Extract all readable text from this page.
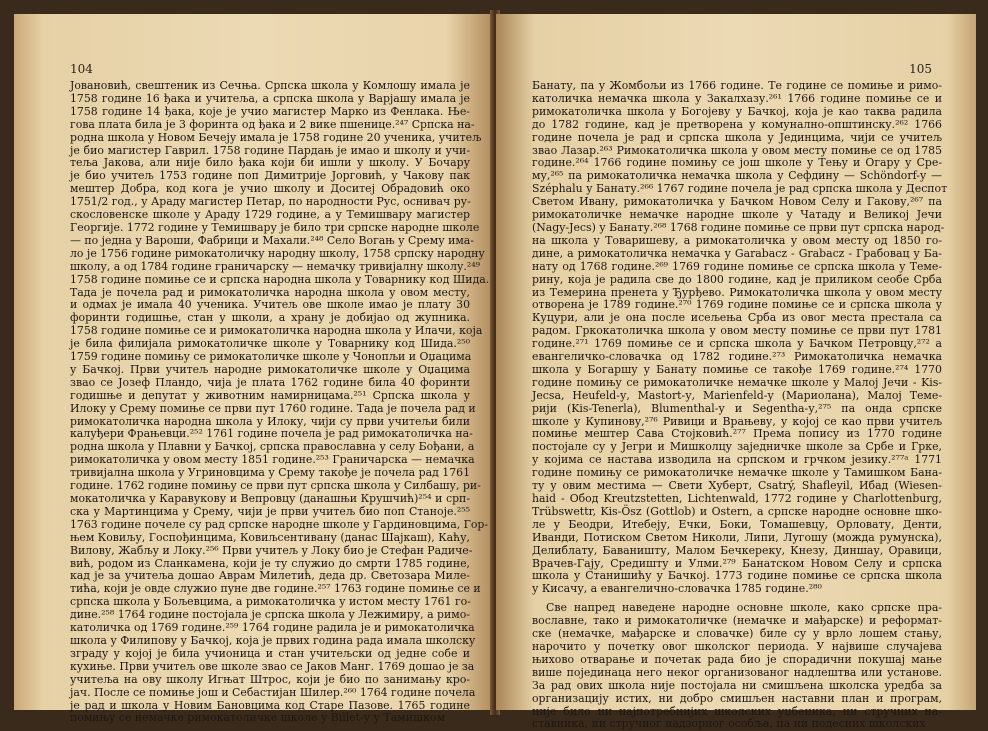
104
Јовановић, свештеник из Сечња. Српска школа у Комлошу имала је
1758 године 16 ђака и учитеља, а српска школа у Варјашу имала је
1758 године 14 ђака, које је учио магистер Марко из Фенлака. Ње-
гова плата била је 3 форинта од ђака и 2 вике пшенице.²⁴⁷ Српска на-
родна школа у Новом Бечеју имала је 1758 године 20 ученика, учитељ
је био магистер Гаврил. 1758 године Пардањ је имао и школу и учи-
теља Јакова, али није било ђака који би ишли у школу. У Бочару
је био учитељ 1753 године поп Димитрије Јорговић, у Чакову пак
мештер Добра, код кога је учио школу и Доситеј Обрадовић око
1751/2 год., у Араду магистер Петар, по народности Рус, оснивач ру-
скословенске школе у Араду 1729 године, а у Темишвару магистер
Георгије. 1772 године у Темишвару је било три српске народне школе
— по једна у Вароши, Фабрици и Махали.²⁴⁸ Село Вогањ у Срему има-
ло је 1756 године римокатоличку народну школу, 1758 српску народну
школу, а од 1784 године граничарску — немачку тривијалну школу.²⁴⁹
1758 године помиње се и српска народна школа у Товарнику код Шида.
Тада је почела рад и римокатоличка народна школа у овом месту,
и одмах је имала 40 ученика. Учитељ ове школе имао је плату 30
форинти годишње, стан у школи, а храну је добијао од жупника.
1758 године помиње се и римокатоличка народна школа у Илачи, која
је била филијала римокатоличке школе у Товарнику код Шида.²⁵⁰
1759 године помињу се римокатоличке школе у Чонопљи и Оџацима
у Бачкој. Први учитељ народне римокатоличке школе у Оџацима
звао се Јозеф Пландо, чија је плата 1762 године била 40 форинти
годишње и депутат у животним намирницама.²⁵¹ Српска школа у
Илоку у Срему помиње се први пут 1760 године. Тада је почела рад и
римокатоличка народна школа у Илоку, чији су први учитељи били
калуђери Фрањевци.²⁵² 1761 године почела је рад римокатоличка на-
родна школа у Плавни у Бачкој, српска православна у селу Бођани, а
римокатоличка у овом месту 1851 године.²⁵³ Граничарска — немачка
тривијална школа у Угриновцима у Срему такође је почела рад 1761
године. 1762 године помињу се први пут српска школа у Силбашу, ри-
мокатоличка у Каравукову и Вепровцу (данашњи Крушчић)²⁵⁴ и срп-
ска у Мартинцима у Срему, чији је први учитељ био поп Станоје.²⁵⁵
1763 године почеле су рад српске народне школе у Гардиновцима, Гор-
њем Ковиљу, Госпођинцима, Ковиљсентивану (данас Шајкаш), Каћу,
Вилову, Жабљу и Локу.²⁵⁶ Први учитељ у Локу био је Стефан Радиче-
вић, родом из Сланкамена, који је ту служио до смрти 1785 године,
кад је за учитеља дошао Аврам Милетић, деда др. Светозара Миле-
тића, који је овде служио пуне две године.²⁵⁷ 1763 године помиње се и
српска школа у Бољевцима, а римокатоличка у истом месту 1761 го-
дине.²⁵⁸ 1764 године постојала је српска школа у Лежимиру, а римо-
католичка од 1769 године.²⁵⁹ 1764 године радила је и римокатоличка
школа у Филипову у Бачкој, која је првих година рада имала школску
зграду у којој је била учионица и стан учитељски од једне собе и
кухиње. Први учитељ ове школе звао се Јаков Манг. 1769 дошао је за
учитеља на ову школу Игњат Штрос, који је био по занимању кро-
јач. После се помиње још и Себастијан Шилер.²⁶⁰ 1764 године почела
је рад и школа у Новим Бановцима код Старе Пазове. 1765 године
помињу се немачке римокатоличке школе у Billet-у у Тамишком
105
Банату, па у Жомбољи из 1766 године. Те године се помиње и римо-
католичка немачка школа у Закалхазу.²⁶¹ 1766 године помиње се и
римокатоличка школа у Богојеву у Бачкој, која је као таква радила
до 1782 године, кад је претворена у комунално-општинску.²⁶² 1766
године почела је рад и српска школа у Јединцима, чији се учитељ
звао Лазар.²⁶³ Римокатоличка школа у овом месту помиње се од 1785
године.²⁶⁴ 1766 године помињу се још школе у Тењу и Огару у Сре-
му,²⁶⁵ па римокатоличка немачка школа у Сефдину — Schöndorf-у —
Széphalu у Банату.²⁶⁶ 1767 године почела је рад српска школа у Деспот
Светом Ивану, римокатоличка у Бачком Новом Селу и Гакову,²⁶⁷ па
римокатоличке немачке народне школе у Чатаду и Великој Јечи
(Nagy-Jecs) у Банату.²⁶⁸ 1768 године помиње се први пут српска народ-
на школа у Товаришеву, а римокатоличка у овом месту од 1850 го-
дине, а римокатоличка немачка у Garabacz - Grabacz - Грабовац у Ба-
нату од 1768 године.²⁶⁹ 1769 године помиње се српска школа у Теме-
рину, која је радила све до 1800 године, кад је приликом сеобе Срба
из Темерина пренета у Ђурђево. Римокатоличка школа у овом месту
отворена је 1789 године.²⁷⁰ 1769 године помиње се и српска школа у
Куцури, али је она после исељења Срба из овог места престала са
радом. Гркокатоличка школа у овом месту помиње се први пут 1781
године.²⁷¹ 1769 помиње се и српска школа у Бачком Петровцу,²⁷² а
евангеличко-словачка од 1782 године.²⁷³ Римокатоличка немачка
школа у Богаршу у Банату помиње се такође 1769 године.²⁷⁴ 1770
године помињу се римокатоличке немачке школе у Малој Јечи - Kis-
Jecsa, Heufeld-у, Mastort-у, Marienfeld-у (Мариолана), Малој Теме-
рији (Kis-Tenerla), Blumenthal-у и Segentha-у,²⁷⁵ па онда српске
школе у Купинову,²⁷⁶ Ривици и Врањеву, у којој се као први учитељ
помиње мештер Сава Стојковић.²⁷⁷ Према попису из 1770 године
постојале су у Јегри и Мишколцу заједничке школе за Србе и Грке,
у којима се настава изводила на српском и грчком језику.²⁷⁷ᵃ 1771
године помињу се римокатоличке немачке школе у Тамишком Бана-
ту у овим местима — Свети Хуберт, Csatrý, Shafleyil, Ибад (Wiesen-
haid - Обод Kreutzstetten, Lichtenwald, 1772 године у Charlottenburg,
Trübswettr, Kis-Ösz (Gottlob) и Ostern, а српске народне основне шко-
ле у Беодри, Итебеју, Ечки, Боки, Томашевцу, Орловату, Денти,
Иванди, Потиском Светом Николи, Липи, Лугошу (можда румунска),
Делиблату, Баваништу, Малом Бечкереку, Кнезу, Диншау, Оравици,
Врачев-Гају, Средишту и Улми.²⁷⁹ Банатском Новом Селу и српска
школа у Станишићу у Бачкој. 1773 године помиње се српска школа
у Кисачу, а евангелично-словачка 1785 године.²⁸⁰
Све напред наведене народне основне школе, како српске пра-
вославне, тако и римокатоличке (немачке и мађарске) и реформат-
ске (немачке, мађарске и словачке) биле су у врло лошем стању,
нарочито у почетку овог школског периода. У највише случајева
њихово отварање и почетак рада био је спорадични покушај мање
више појединаца него неког организованог надлештва или установе.
За рад ових школа није постојала ни смишљена школска уредба за
организацију истих, ни добро смишљен наставни план и програм,
није било ни најпотребнијих школских уџбеника, ни стручних на-
ставника, ни стручног надзорног особља, па ни подесних школских
